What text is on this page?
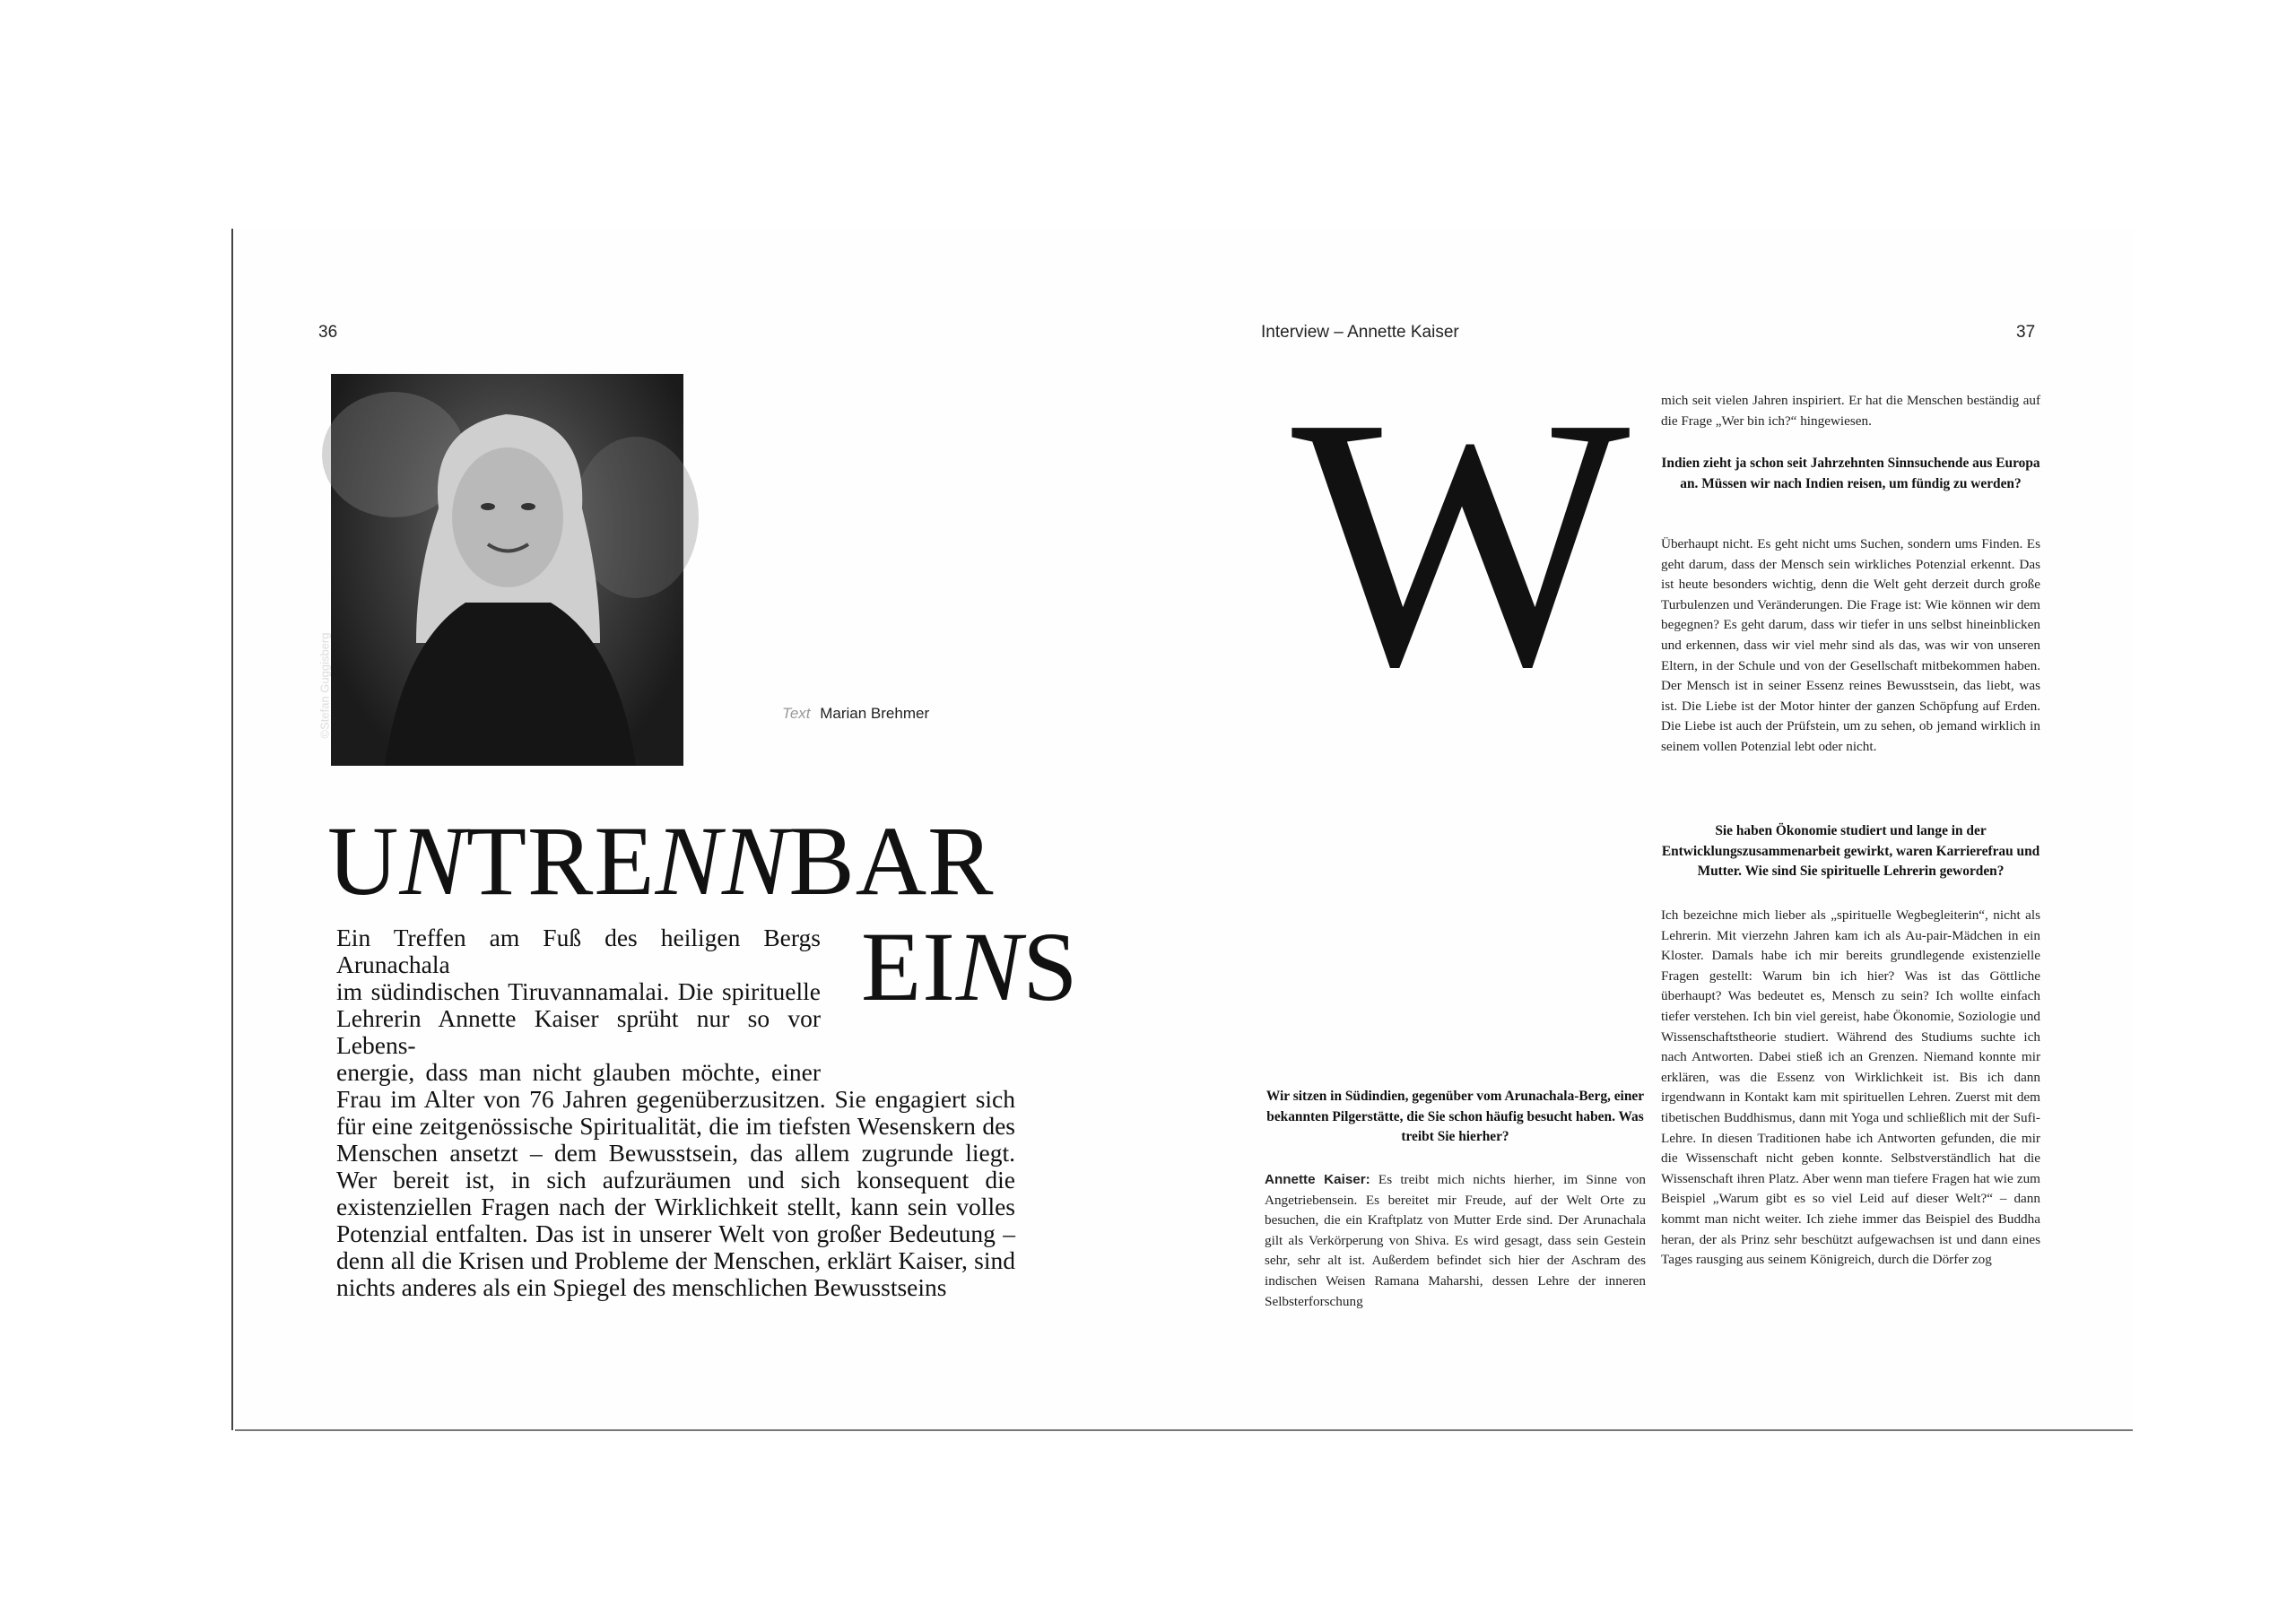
36	Interview – Annette Kaiser	37
©Stefan Guggisberg	Text Marian Brehmer
UNTRENNBAR
EINS
Ein Treffen am Fuß des heiligen Bergs Arunachala
im südindischen Tiruvannamalai. Die spirituelle
Lehrerin Annette Kaiser sprüht nur so vor Lebens-
energie, dass man nicht glauben möchte, einer
Frau im Alter von 76 Jahren gegenüberzusitzen. Sie engagiert sich für eine zeitgenössische Spiritualität, die im tiefsten Wesenskern des Menschen ansetzt – dem Bewusstsein, das allem zugrunde liegt. Wer bereit ist, in sich aufzuräumen und sich konsequent die existenziellen Fragen nach der Wirklichkeit stellt, kann sein volles Potenzial entfalten. Das ist in unserer Welt von großer Bedeutung – denn all die Krisen und Probleme der Menschen, erklärt Kaiser, sind nichts anderes als ein Spiegel des menschlichen Bewusstseins
W
Wir sitzen in Südindien, gegenüber vom Arunachala-Berg, einer bekannten Pilgerstätte, die Sie schon häufig besucht haben. Was treibt Sie hierher?
Annette Kaiser: Es treibt mich nichts hierher, im Sinne von Angetriebensein. Es bereitet mir Freude, auf der Welt Orte zu besuchen, die ein Kraftplatz von Mutter Erde sind. Der Arunachala gilt als Verkörperung von Shiva. Es wird gesagt, dass sein Gestein sehr, sehr alt ist. Außerdem befindet sich hier der Aschram des indischen Weisen Ramana Maharshi, dessen Lehre der inneren Selbsterforschung
mich seit vielen Jahren inspiriert. Er hat die Menschen beständig auf die Frage „Wer bin ich?“ hingewiesen.
Indien zieht ja schon seit Jahrzehnten Sinnsuchende aus Europa an. Müssen wir nach Indien reisen, um fündig zu werden?
Überhaupt nicht. Es geht nicht ums Suchen, sondern ums Finden. Es geht darum, dass der Mensch sein wirkliches Potenzial erkennt. Das ist heute besonders wichtig, denn die Welt geht derzeit durch große Turbulenzen und Veränderungen. Die Frage ist: Wie können wir dem begegnen? Es geht darum, dass wir tiefer in uns selbst hineinblicken und erkennen, dass wir viel mehr sind als das, was wir von unseren Eltern, in der Schule und von der Gesellschaft mitbekommen haben. Der Mensch ist in seiner Essenz reines Bewusstsein, das liebt, was ist. Die Liebe ist der Motor hinter der ganzen Schöpfung auf Erden. Die Liebe ist auch der Prüfstein, um zu sehen, ob jemand wirklich in seinem vollen Potenzial lebt oder nicht.
Sie haben Ökonomie studiert und lange in der Entwicklungszusammenarbeit gewirkt, waren Karrierefrau und Mutter. Wie sind Sie spirituelle Lehrerin geworden?
Ich bezeichne mich lieber als „spirituelle Wegbegleiterin“, nicht als Lehrerin. Mit vierzehn Jahren kam ich als Au-pair-Mädchen in ein Kloster. Damals habe ich mir bereits grundlegende existenzielle Fragen gestellt: Warum bin ich hier? Was ist das Göttliche überhaupt? Was bedeutet es, Mensch zu sein? Ich wollte einfach tiefer verstehen. Ich bin viel gereist, habe Ökonomie, Soziologie und Wissenschaftstheorie studiert. Während des Studiums suchte ich nach Antworten. Dabei stieß ich an Grenzen. Niemand konnte mir erklären, was die Essenz von Wirklichkeit ist. Bis ich dann irgendwann in Kontakt kam mit spirituellen Lehren. Zuerst mit dem tibetischen Buddhismus, dann mit Yoga und schließlich mit der Sufi-Lehre. In diesen Traditionen habe ich Antworten gefunden, die mir die Wissenschaft nicht geben konnte. Selbstverständlich hat die Wissenschaft ihren Platz. Aber wenn man tiefere Fragen hat wie zum Beispiel „Warum gibt es so viel Leid auf dieser Welt?“ – dann kommt man nicht weiter. Ich ziehe immer das Beispiel des Buddha heran, der als Prinz sehr beschützt aufgewachsen ist und dann eines Tages rausging aus seinem Königreich, durch die Dörfer zog
